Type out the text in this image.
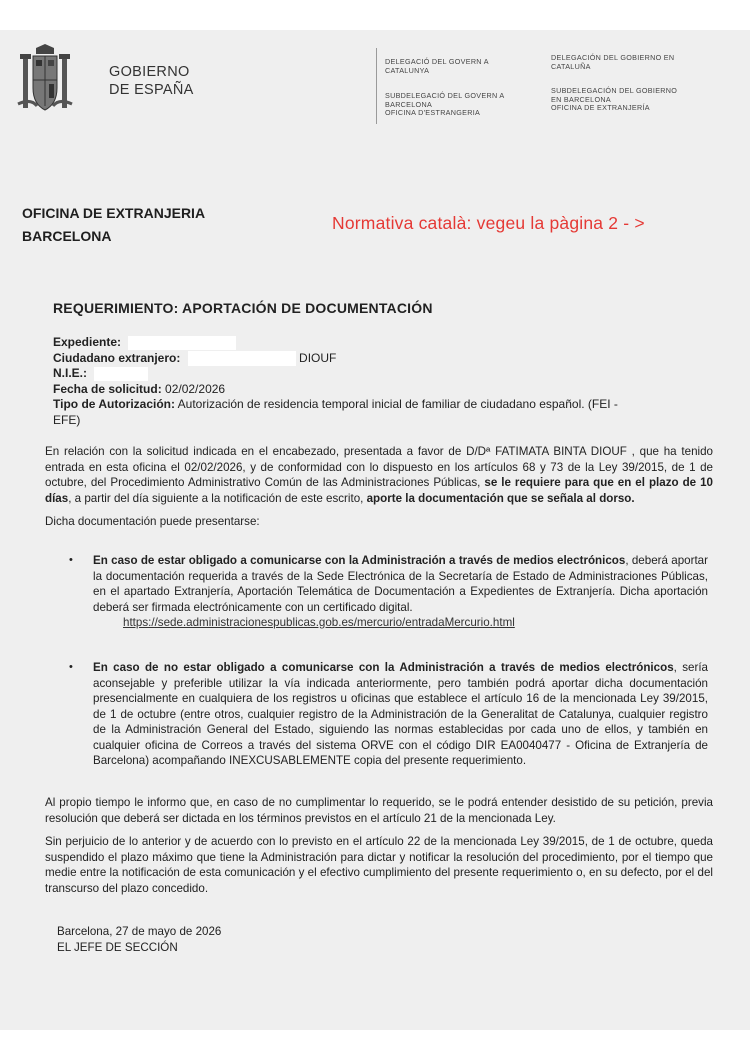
GOBIERNO
DE ESPAÑA
DELEGACIÓ DEL GOVERN A
CATALUNYA
SUBDELEGACIÓ DEL GOVERN A
BARCELONA
OFICINA D'ESTRANGERIA
DELEGACIÓN DEL GOBIERNO EN
CATALUÑA
SUBDELEGACIÓN DEL GOBIERNO
EN BARCELONA
OFICINA DE EXTRANJERÍA
OFICINA DE EXTRANJERIA
BARCELONA
Normativa català: vegeu la pàgina 2 - >
REQUERIMIENTO: APORTACIÓN DE DOCUMENTACIÓN
Expediente:
Ciudadano extranjero:	DIOUF
N.I.E.:
Fecha de solicitud: 02/02/2026
Tipo de Autorización: Autorización de residencia temporal inicial de familiar de ciudadano español. (FEI -
EFE)

En relación con la solicitud indicada en el encabezado, presentada a favor de D/Dª FATIMATA BINTA DIOUF , que ha tenido entrada en esta oficina el 02/02/2026, y de conformidad con lo dispuesto en los artículos 68 y 73 de la Ley 39/2015, de 1 de octubre, del Procedimiento Administrativo Común de las Administraciones Públicas, se le requiere para que en el plazo de 10 días, a partir del día siguiente a la notificación de este escrito, aporte la documentación que se señala al dorso.

Dicha documentación puede presentarse:

• En caso de estar obligado a comunicarse con la Administración a través de medios electrónicos, deberá aportar la documentación requerida a través de la Sede Electrónica de la Secretaría de Estado de Administraciones Públicas, en el apartado Extranjería, Aportación Telemática de Documentación a Expedientes de Extranjería. Dicha aportación deberá ser firmada electrónicamente con un certificado digital.
https://sede.administracionespublicas.gob.es/mercurio/entradaMercurio.html
• En caso de no estar obligado a comunicarse con la Administración a través de medios electrónicos, sería aconsejable y preferible utilizar la vía indicada anteriormente, pero también podrá aportar dicha documentación presencialmente en cualquiera de los registros u oficinas que establece el artículo 16 de la mencionada Ley 39/2015, de 1 de octubre (entre otros, cualquier registro de la Administración de la Generalitat de Catalunya, cualquier registro de la Administración General del Estado, siguiendo las normas establecidas por cada uno de ellos, y también en cualquier oficina de Correos a través del sistema ORVE con el código DIR EA0040477 - Oficina de Extranjería de Barcelona) acompañando INEXCUSABLEMENTE copia del presente requerimiento.

Al propio tiempo le informo que, en caso de no cumplimentar lo requerido, se le podrá entender desistido de su petición, previa resolución que deberá ser dictada en los términos previstos en el artículo 21 de la mencionada Ley.

Sin perjuicio de lo anterior y de acuerdo con lo previsto en el artículo 22 de la mencionada Ley 39/2015, de 1 de octubre, queda suspendido el plazo máximo que tiene la Administración para dictar y notificar la resolución del procedimiento, por el tiempo que medie entre la notificación de esta comunicación y el efectivo cumplimiento del presente requerimiento o, en su defecto, por el del transcurso del plazo concedido.

Barcelona, 27 de mayo de 2026
EL JEFE DE SECCIÓN
